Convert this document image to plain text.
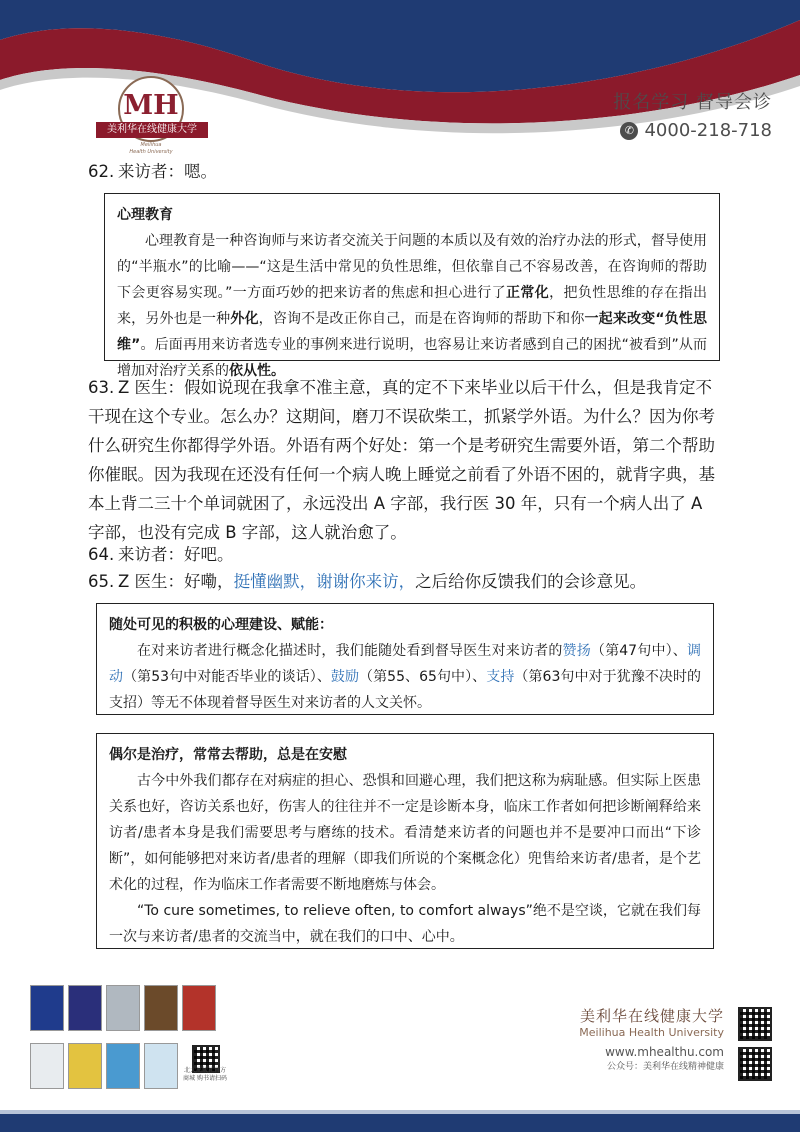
MH
美利华在线健康大学
Meilihua
Health University
报名学习 督导会诊
✆ 4000-218-718
62. 来访者：嗯。
心理教育

心理教育是一种咨询师与来访者交流关于问题的本质以及有效的治疗办法的形式，督导使用的“半瓶水”的比喻——“这是生活中常见的负性思维，但依靠自己不容易改善，在咨询师的帮助下会更容易实现。”一方面巧妙的把来访者的焦虑和担心进行了正常化，把负性思维的存在指出来，另外也是一种外化，咨询不是改正你自己，而是在咨询师的帮助下和你一起来改变“负性思维”。后面再用来访者选专业的事例来进行说明，也容易让来访者感到自己的困扰“被看到”从而增加对治疗关系的依从性。

63. Z 医生：假如说现在我拿不准主意，真的定不下来毕业以后干什么，但是我肯定不干现在这个专业。怎么办？这期间，磨刀不误砍柴工，抓紧学外语。为什么？因为你考什么研究生你都得学外语。外语有两个好处：第一个是考研究生需要外语，第二个帮助你催眠。因为我现在还没有任何一个病人晚上睡觉之前看了外语不困的，就背字典，基本上背二三十个单词就困了，永远没出 A 字部，我行医 30 年，只有一个病人出了 A 字部，也没有完成 B 字部，这人就治愈了。
64. 来访者：好吧。
65. Z 医生：好嘞，挺懂幽默，谢谢你来访，之后给你反馈我们的会诊意见。
随处可见的积极的心理建设、赋能：

在对来访者进行概念化描述时，我们能随处看到督导医生对来访者的赞扬（第47句中）、调动（第53句中对能否毕业的谈话）、鼓励（第55、65句中）、支持（第63句中对于犹豫不决时的支招）等无不体现着督导医生对来访者的人文关怀。

偶尔是治疗，常常去帮助，总是在安慰

古今中外我们都存在对病症的担心、恐惧和回避心理，我们把这称为病耻感。但实际上医患关系也好，咨访关系也好，伤害人的往往并不一定是诊断本身，临床工作者如何把诊断阐释给来访者/患者本身是我们需要思考与磨练的技术。看清楚来访者的问题也并不是要冲口而出“下诊断”，如何能够把对来访者/患者的理解（即我们所说的个案概念化）兜售给来访者/患者，是个艺术化的过程，作为临床工作者需要不断地磨炼与体会。

“To cure sometimes, to relieve often, to comfort always”绝不是空谈，它就在我们每一次与来访者/患者的交流当中，就在我们的口中、心中。

北大出版社官方商城 购书请扫码
美利华在线健康大学
Meilihua Health University
www.mhealthu.com
公众号：美利华在线精神健康
